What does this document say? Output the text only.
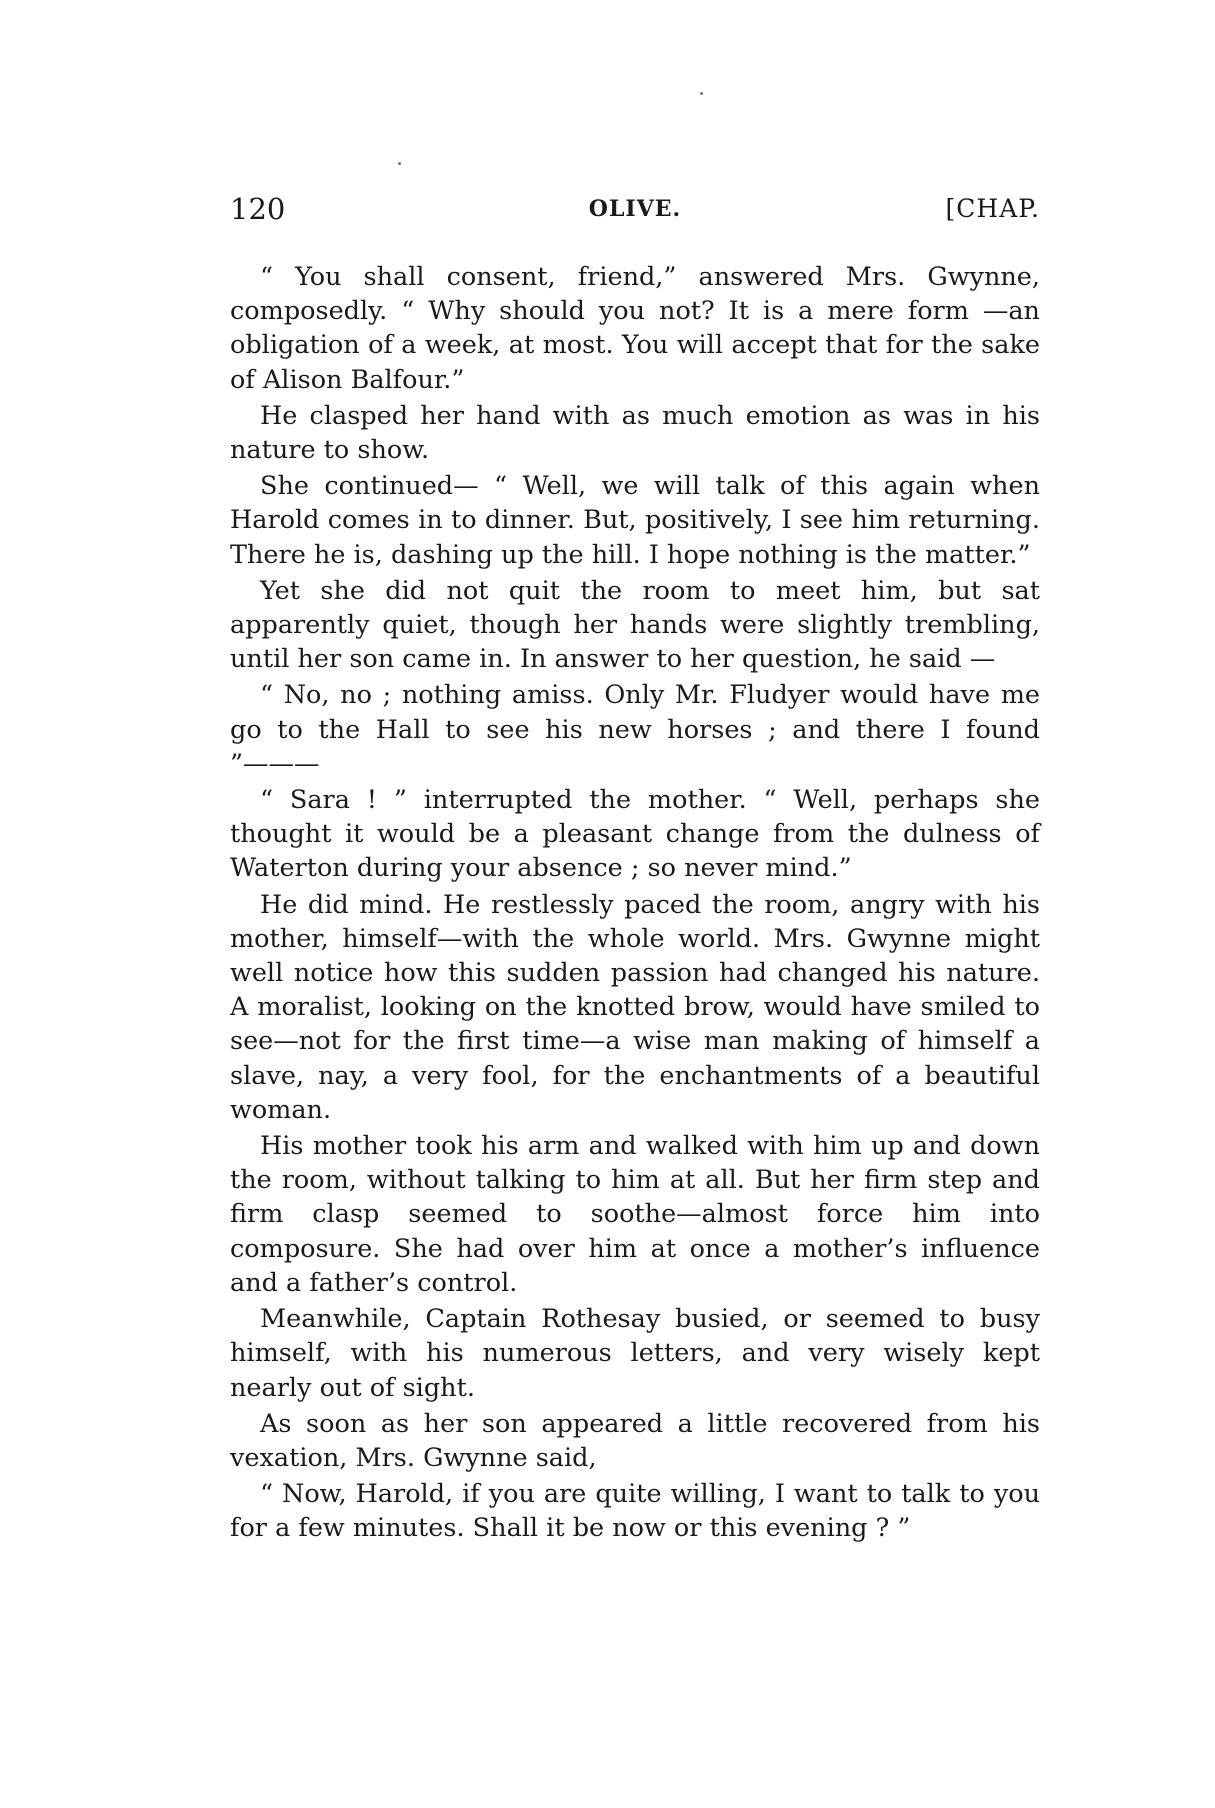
120	OLIVE.	[CHAP.

“ You shall consent, friend,” answered Mrs. Gwynne, composedly. “ Why should you not? It is a mere form —an obligation of a week, at most. You will accept that for the sake of Alison Balfour.”

He clasped her hand with as much emotion as was in his nature to show.

She continued— “ Well, we will talk of this again when Harold comes in to dinner. But, positively, I see him returning. There he is, dashing up the hill. I hope nothing is the matter.”

Yet she did not quit the room to meet him, but sat apparently quiet, though her hands were slightly trembling, until her son came in. In answer to her question, he said —

“ No, no ; nothing amiss. Only Mr. Fludyer would have me go to the Hall to see his new horses ; and there I found ”———

“ Sara ! ” interrupted the mother. “ Well, perhaps she thought it would be a pleasant change from the dulness of Waterton during your absence ; so never mind.”

He did mind. He restlessly paced the room, angry with his mother, himself—with the whole world. Mrs. Gwynne might well notice how this sudden passion had changed his nature. A moralist, looking on the knotted brow, would have smiled to see—not for the first time—a wise man making of himself a slave, nay, a very fool, for the enchantments of a beautiful woman.

His mother took his arm and walked with him up and down the room, without talking to him at all. But her firm step and firm clasp seemed to soothe—almost force him into composure. She had over him at once a mother’s influence and a father’s control.

Meanwhile, Captain Rothesay busied, or seemed to busy himself, with his numerous letters, and very wisely kept nearly out of sight.

As soon as her son appeared a little recovered from his vexation, Mrs. Gwynne said,

“ Now, Harold, if you are quite willing, I want to talk to you for a few minutes. Shall it be now or this evening ? ”
